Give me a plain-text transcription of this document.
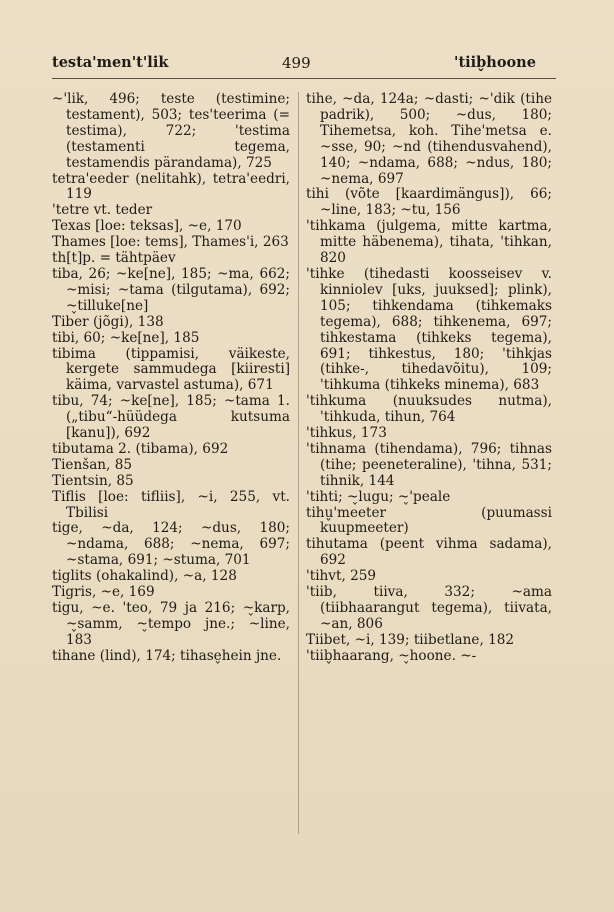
testa'men't'lik	499	'tiib̬hoone

~'lik, 496; teste (testimine; testament), 503; tes'teerima (= testima), 722; 'testima (testamenti tegema, testamendis pärandama), 725

tetra'eeder (nelitahk), tetra'eedri, 119

'tetre vt. teder

Texas [loe: teksas], ~e, 170

Thames [loe: tems], Thames'i, 263

th[t]p. = tähtpäev

tiba, 26; ~ke[ne], 185; ~ma, 662; ~misi; ~tama (tilgutama), 692; ~̬tilluke[ne]

Tiber (jõgi), 138

tibi, 60; ~ke[ne], 185

tibima (tippamisi, väikeste, kergete sammudega [kiiresti] käima, varvastel astuma), 671

tibu, 74; ~ke[ne], 185; ~tama 1. („tibu“-hüüdega kutsuma [kanu]), 692

tibutama 2. (tibama), 692

Tienšan, 85

Tientsin, 85

Tiflis [loe: tifliis], ~i, 255, vt. Tbilisi

tige, ~da, 124; ~dus, 180; ~ndama, 688; ~nema, 697; ~stama, 691; ~stuma, 701

tiglits (ohakalind), ~a, 128

Tigris, ~e, 169

tigu, ~e. 'teo, 79 ja 216; ~̬karp, ~̬samm, ~̬tempo jne.; ~line, 183

tihane (lind), 174; tihase̬hein jne.

tihe, ~da, 124a; ~dasti; ~'dik (tihe padrik), 500; ~dus, 180; Tihemetsa, koh. Tihe'metsa e. ~sse, 90; ~nd (tihendusvahend), 140; ~ndama, 688; ~ndus, 180; ~nema, 697

tihi (võte [kaardimängus]), 66; ~line, 183; ~tu, 156

'tihkama (julgema, mitte kartma, mitte häbenema), tihata, 'tihkan, 820

'tihke (tihedasti koosseisev v. kinniolev [uks, juuksed]; plink), 105; tihkendama (tihkemaks tegema), 688; tihkenema, 697; tihkestama (tihkeks tegema), 691; tihkestus, 180; 'tihkjas (tihke-, tihedavõitu), 109; 'tihkuma (tihkeks minema), 683

'tihkuma (nuuksudes nutma), 'tihkuda, tihun, 764

'tihkus, 173

'tihnama (tihendama), 796; tihnas (tihe; peeneteraline), 'tihna, 531; tihnik, 144

'tihti; ~̬lugu; ~̬'peale

tihu̬'meeter (puumassi kuupmeeter)

tihutama (peent vihma sadama), 692

'tihvt, 259

'tiib, tiiva, 332; ~ama (tiibhaarangut tegema), tiivata, ~an, 806

Tiibet, ~i, 139; tiibetlane, 182

'tiib̬haarang, ~̬hoone. ~-
